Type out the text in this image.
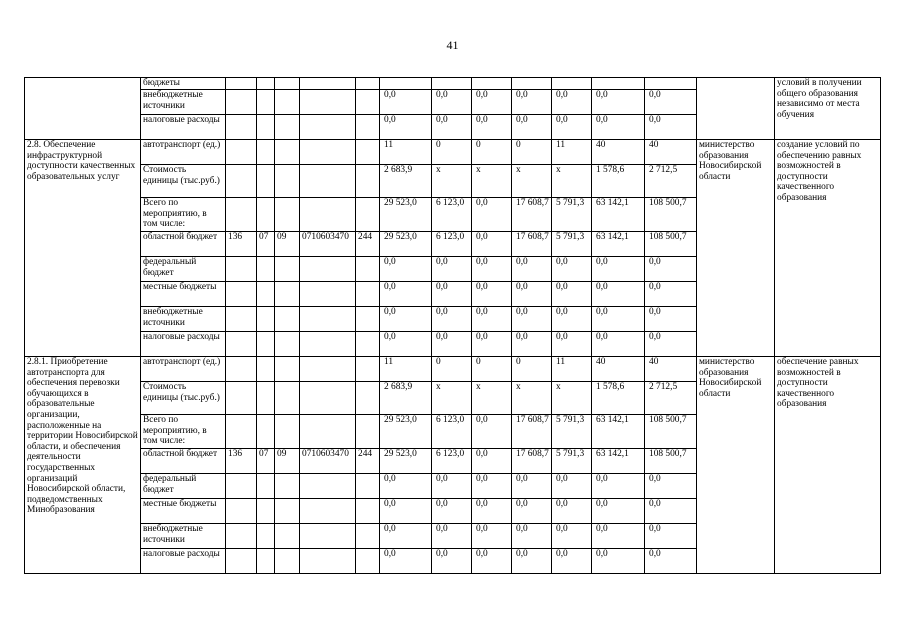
41
	бюджеты														условий в получении общего образования независимо от места обучения
	внебюджетные источники						0,0	0,0	0,0	0,0	0,0	0,0	0,0		
	налоговые расходы						0,0	0,0	0,0	0,0	0,0	0,0	0,0		
2.8. Обеспечение инфраструктурной доступности качественных образовательных услуг	автотранспорт (ед.)						11	0	0	0	11	40	40	министерство образования Новосибирской области	создание условий по обеспечению равных возможностей в доступности качественного образования
	Стоимость единицы (тыс.руб.)						2 683,9	x	x	x	x	1 578,6	2 712,5		
	Всего по мероприятию, в том числе:						29 523,0	6 123,0	0,0	17 608,7	5 791,3	63 142,1	108 500,7		
	областной бюджет	136	07	09	0710603470	244	29 523,0	6 123,0	0,0	17 608,7	5 791,3	63 142,1	108 500,7		
	федеральный бюджет						0,0	0,0	0,0	0,0	0,0	0,0	0,0		
	местные бюджеты						0,0	0,0	0,0	0,0	0,0	0,0	0,0		
	внебюджетные источники						0,0	0,0	0,0	0,0	0,0	0,0	0,0		
	налоговые расходы						0,0	0,0	0,0	0,0	0,0	0,0	0,0		
2.8.1. Приобретение автотранспорта для обеспечения перевозки обучающихся в образовательные организации, расположенные на территории Новосибирской области, и обеспечения деятельности государственных организаций Новосибирской области, подведомственных Минобразования	автотранспорт (ед.)						11	0	0	0	11	40	40	министерство образования Новосибирской области	обеспечение равных возможностей в доступности качественного образования
	Стоимость единицы (тыс.руб.)						2 683,9	x	x	x	x	1 578,6	2 712,5		
	Всего по мероприятию, в том числе:						29 523,0	6 123,0	0,0	17 608,7	5 791,3	63 142,1	108 500,7		
	областной бюджет	136	07	09	0710603470	244	29 523,0	6 123,0	0,0	17 608,7	5 791,3	63 142,1	108 500,7		
	федеральный бюджет						0,0	0,0	0,0	0,0	0,0	0,0	0,0		
	местные бюджеты						0,0	0,0	0,0	0,0	0,0	0,0	0,0		
	внебюджетные источники						0,0	0,0	0,0	0,0	0,0	0,0	0,0		
	налоговые расходы						0,0	0,0	0,0	0,0	0,0	0,0	0,0		
